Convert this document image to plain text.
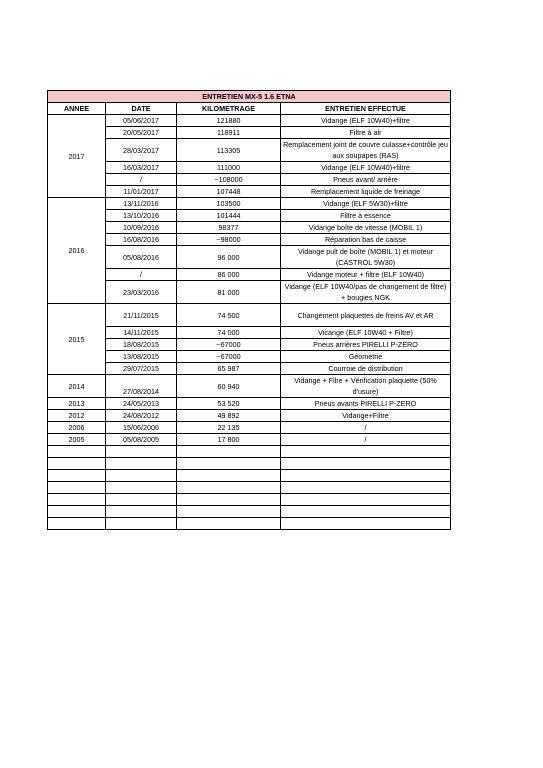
ENTRETIEN MX-5 1.6 ETNA			
ANNEE	DATE	KILOMETRAGE	ENTRETIEN EFFECTUE
2017	05/06/2017	121880	Vidange (ELF 10W40)+filtre
	20/05/2017	118911	Filtre à air
	28/03/2017	113305	Remplacement joint de couvre culasse+contrôle jeu aux soupapes (RAS)
	16/03/2017	111000	Vidange (ELF 10W40)+filtre
	/	~108000	Pneus avant/ arrière
	11/01/2017	107448	Remplacement liquide de freinage
2016	13/11/2016	103500	Vidange (ELF 5W30)+filtre
	13/10/2016	101444	Filtre à essence
	10/09/2016	98377	Vidange boîte de vitesse (MOBIL 1)
	16/08/2016	~98000	Réparation bas de caisse
	05/08/2016	96 000	Vidange pult de boîte (MOBIL 1) et moteur (CASTROL 5W30)
	/	86 000	Vidange moteur + filtre (ELF 10W40)
	23/03/2016	81 000	Vidange (ELF 10W40/pas de changement de filtre) + bougies NGK
2015	21/11/2015	74 500	Changement plaquettes de freins AV et AR
	14/11/2015	74 000	Vicange (ELF 10W40 + Filtre)
	18/08/2015	~67000	Pneus arrières PIRELLI P-ZERO
	13/08/2015	~67000	Géométrie
	29/07/2015	65 987	Courroie de distribution
2014	27/08/2014	60 940	Vidange + Filre + Vérification plaquette (50% d'usure)
2013	24/05/2013	53 520	Pneus avants PIRELLI P-ZERO
2012	24/08/2012	49 892	Vidange+Filtre
2006	15/06/2006	22 135	/
2005	05/08/2005	17 800	/
